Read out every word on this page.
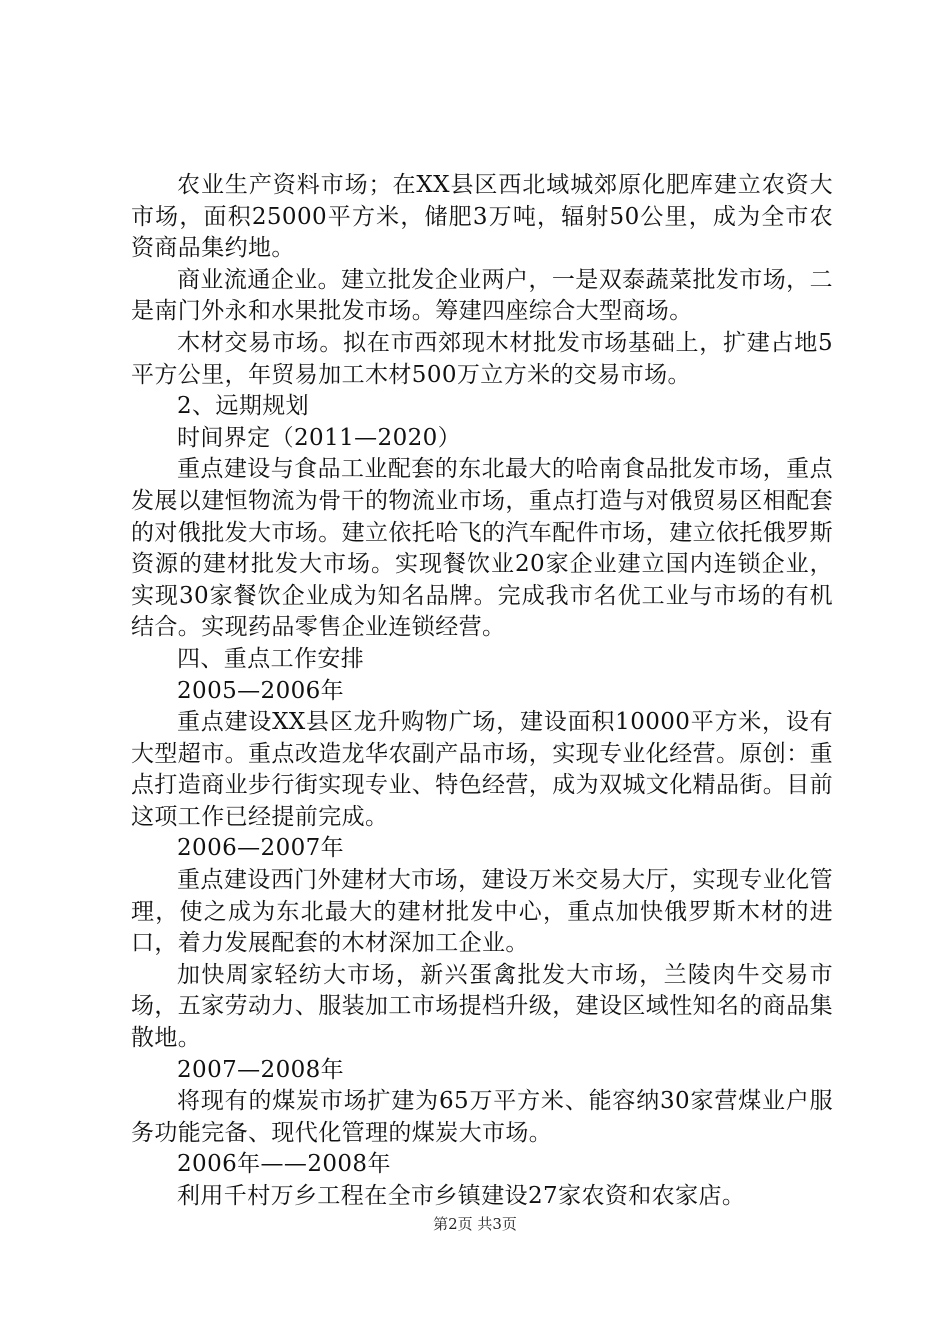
农业生产资料市场；在XX县区西北域城郊原化肥库建立农资大市场，面积25000平方米，储肥3万吨，辐射50公里，成为全市农资商品集约地。

商业流通企业。建立批发企业两户，一是双泰蔬菜批发市场，二是南门外永和水果批发市场。筹建四座综合大型商场。

木材交易市场。拟在市西郊现木材批发市场基础上，扩建占地5平方公里，年贸易加工木材500万立方米的交易市场。

2、远期规划

时间界定（2011—2020）

重点建设与食品工业配套的东北最大的哈南食品批发市场，重点发展以建恒物流为骨干的物流业市场，重点打造与对俄贸易区相配套的对俄批发大市场。建立依托哈飞的汽车配件市场，建立依托俄罗斯资源的建材批发大市场。实现餐饮业20家企业建立国内连锁企业，实现30家餐饮企业成为知名品牌。完成我市名优工业与市场的有机结合。实现药品零售企业连锁经营。

四、重点工作安排

2005—2006年

重点建设XX县区龙升购物广场，建设面积10000平方米，设有大型超市。重点改造龙华农副产品市场，实现专业化经营。原创：重点打造商业步行街实现专业、特色经营，成为双城文化精品街。目前这项工作已经提前完成。

2006—2007年

重点建设西门外建材大市场，建设万米交易大厅，实现专业化管理，使之成为东北最大的建材批发中心，重点加快俄罗斯木材的进口，着力发展配套的木材深加工企业。

加快周家轻纺大市场，新兴蛋禽批发大市场，兰陵肉牛交易市场，五家劳动力、服装加工市场提档升级，建设区域性知名的商品集散地。

2007—2008年

将现有的煤炭市场扩建为65万平方米、能容纳30家营煤业户服务功能完备、现代化管理的煤炭大市场。

2006年——2008年

利用千村万乡工程在全市乡镇建设27家农资和农家店。

第2页 共3页
